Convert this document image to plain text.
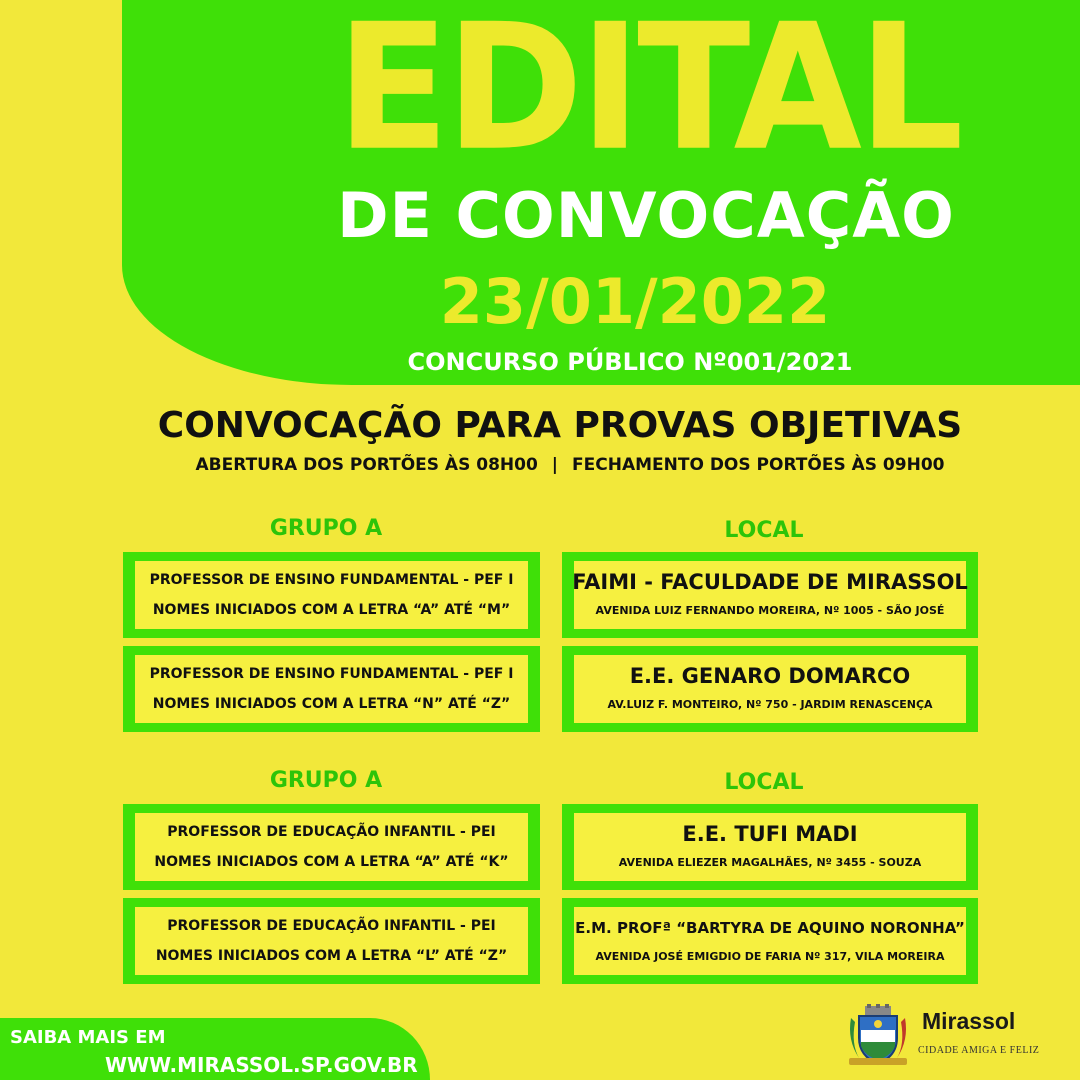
EDITAL
DE CONVOCAÇÃO
23/01/2022
CONCURSO PÚBLICO Nº001/2021
CONVOCAÇÃO PARA PROVAS OBJETIVAS
ABERTURA DOS PORTÕES ÀS 08H00 | FECHAMENTO DOS PORTÕES ÀS 09H00
GRUPO A	LOCAL
PROFESSOR DE ENSINO FUNDAMENTAL - PEF I
NOMES INICIADOS COM A LETRA “A” ATÉ “M”
FAIMI - FACULDADE DE MIRASSOL
AVENIDA LUIZ FERNANDO MOREIRA, Nº 1005 - SÃO JOSÉ
PROFESSOR DE ENSINO FUNDAMENTAL - PEF I
NOMES INICIADOS COM A LETRA “N” ATÉ “Z”
E.E. GENARO DOMARCO
AV.LUIZ F. MONTEIRO, Nº 750 - JARDIM RENASCENÇA
GRUPO A	LOCAL
PROFESSOR DE EDUCAÇÃO INFANTIL - PEI
NOMES INICIADOS COM A LETRA “A” ATÉ “K”
E.E. TUFI MADI
AVENIDA ELIEZER MAGALHÃES, Nº 3455 - SOUZA
PROFESSOR DE EDUCAÇÃO INFANTIL - PEI
NOMES INICIADOS COM A LETRA “L” ATÉ “Z”
E.M. PROFª “BARTYRA DE AQUINO NORONHA”
AVENIDA JOSÉ EMIGDIO DE FARIA Nº 317, VILA MOREIRA
SAIBA MAIS EM
WWW.MIRASSOL.SP.GOV.BR
Mirassol
CIDADE AMIGA E FELIZ
